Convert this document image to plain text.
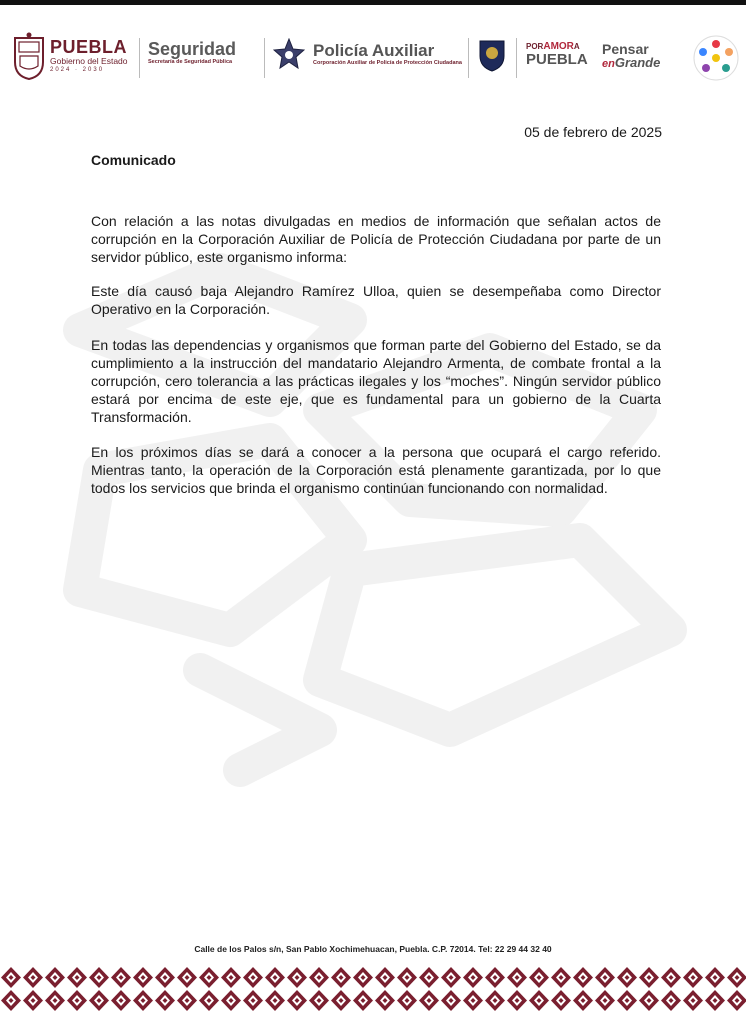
PUEBLA
Gobierno del Estado
2024 · 2030
Seguridad
Secretaría de Seguridad Pública
Policía Auxiliar
Corporación Auxiliar de Policía de Protección Ciudadana
PORAMORA
PUEBLA
Pensar
enGrande
05 de febrero de 2025
Comunicado

Con relación a las notas divulgadas en medios de información que señalan actos de corrupción en la Corporación Auxiliar de Policía de Protección Ciudadana por parte de un servidor público, este organismo informa:

Este día causó baja Alejandro Ramírez Ulloa, quien se desempeñaba como Director Operativo en la Corporación.

En todas las dependencias y organismos que forman parte del Gobierno del Estado, se da cumplimiento a la instrucción del mandatario Alejandro Armenta, de combate frontal a la corrupción, cero tolerancia a las prácticas ilegales y los “moches”. Ningún servidor público estará por encima de este eje, que es fundamental para un gobierno de la Cuarta Transformación.

En los próximos días se dará a conocer a la persona que ocupará el cargo referido. Mientras tanto, la operación de la Corporación está plenamente garantizada, por lo que todos los servicios que brinda el organismo continúan funcionando con normalidad.

Calle de los Palos s/n, San Pablo Xochimehuacan, Puebla. C.P. 72014. Tel: 22 29 44 32 40
